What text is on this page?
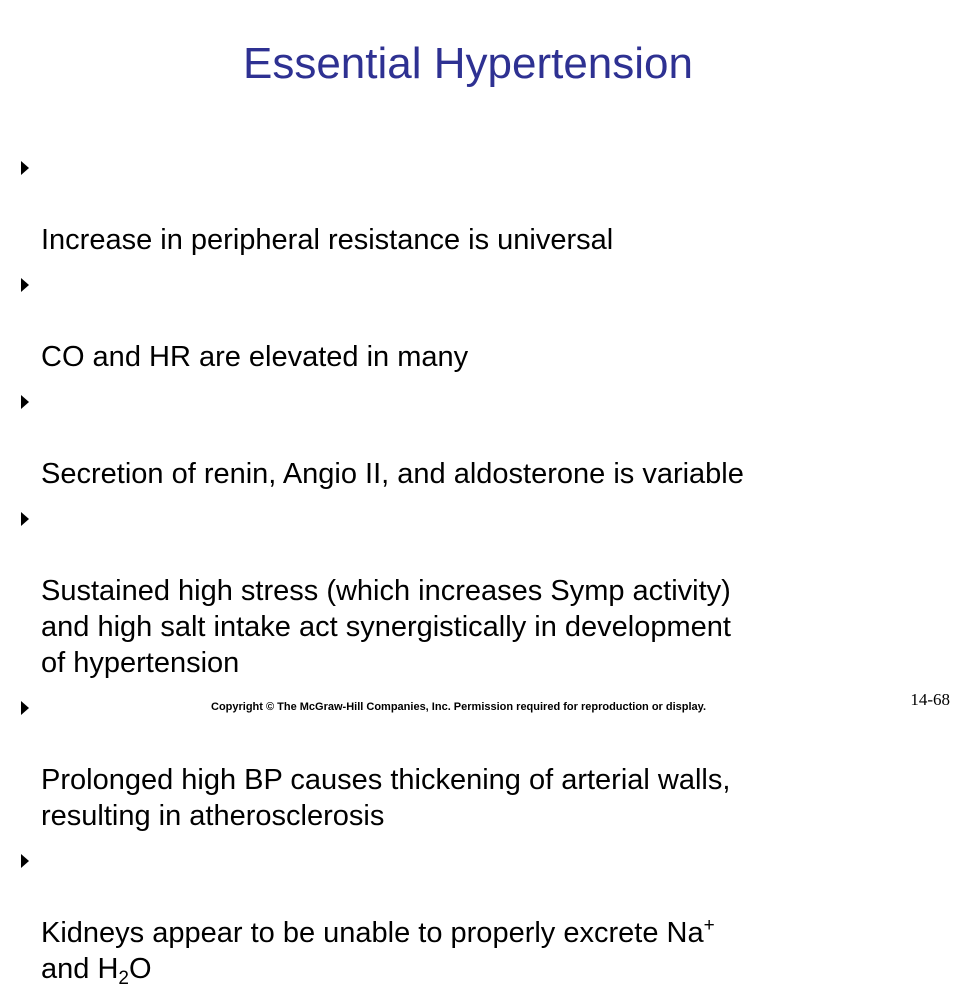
Essential Hypertension

Increase in peripheral resistance is universal

CO and HR are elevated in many

Secretion of renin, Angio II, and aldosterone is variable

Sustained high stress (which increases Symp activity)
and high salt intake act synergistically in development
of hypertension

Prolonged high BP causes thickening of arterial walls,
resulting in atherosclerosis

Kidneys appear to be unable to properly excrete Na+
and $H_2O$

Copyright © The McGraw-Hill Companies, Inc. Permission required for reproduction or display.	14-68
